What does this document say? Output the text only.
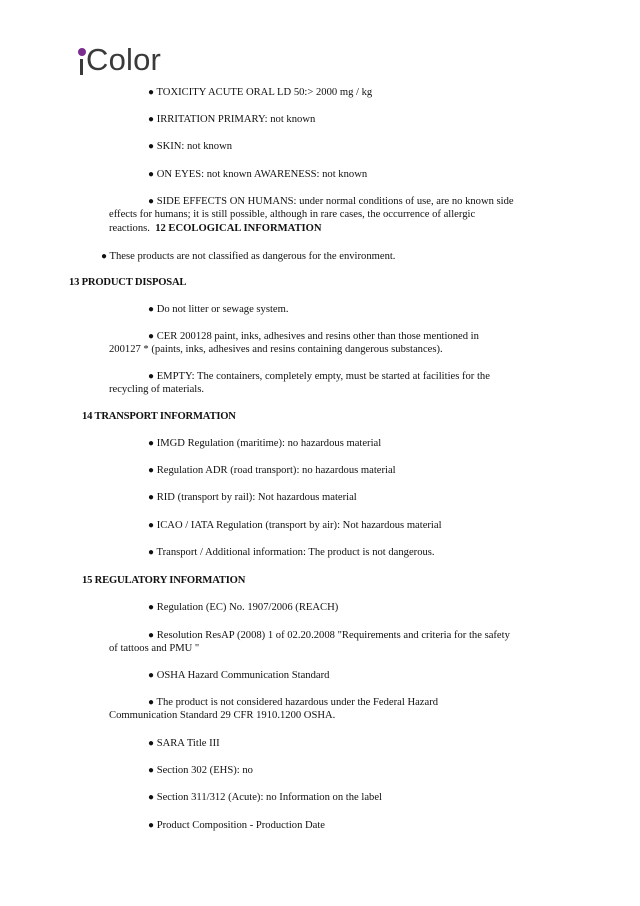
Color
● TOXICITY ACUTE ORAL LD 50:> 2000 mg / kg
● IRRITATION PRIMARY: not known
● SKIN: not known
● ON EYES: not known AWARENESS: not known
● SIDE EFFECTS ON HUMANS: under normal conditions of use, are no known side
effects for humans; it is still possible, although in rare cases, the occurrence of allergic
reactions. 12 ECOLOGICAL INFORMATION
● These products are not classified as dangerous for the environment.
13 PRODUCT DISPOSAL
● Do not litter or sewage system.
● CER 200128 paint, inks, adhesives and resins other than those mentioned in
200127 * (paints, inks, adhesives and resins containing dangerous substances).
● EMPTY: The containers, completely empty, must be started at facilities for the
recycling of materials.
14 TRANSPORT INFORMATION
● IMGD Regulation (maritime): no hazardous material
● Regulation ADR (road transport): no hazardous material
● RID (transport by rail): Not hazardous material
● ICAO / IATA Regulation (transport by air): Not hazardous material
● Transport / Additional information: The product is not dangerous.
15 REGULATORY INFORMATION
● Regulation (EC) No. 1907/2006 (REACH)
● Resolution ResAP (2008) 1 of 02.20.2008 "Requirements and criteria for the safety
of tattoos and PMU "
● OSHA Hazard Communication Standard
● The product is not considered hazardous under the Federal Hazard
Communication Standard 29 CFR 1910.1200 OSHA.
● SARA Title III
● Section 302 (EHS): no
● Section 311/312 (Acute): no Information on the label
● Product Composition - Production Date
